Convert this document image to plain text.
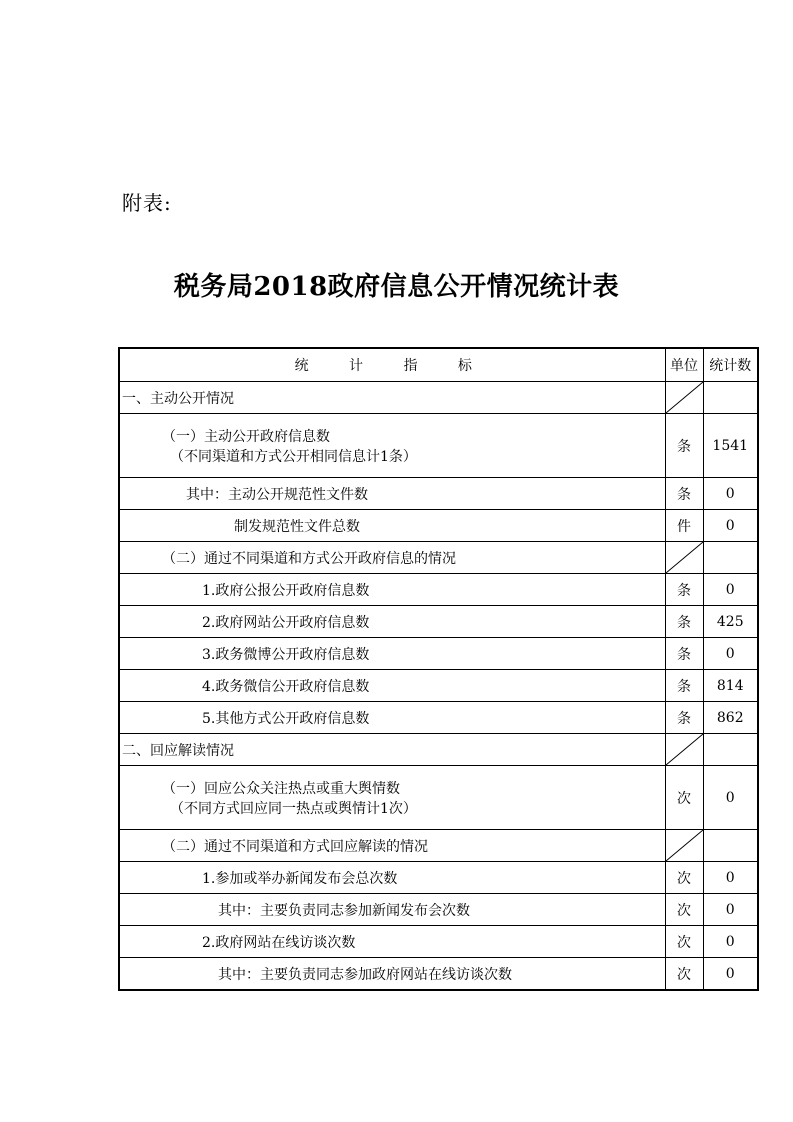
附表:
税务局2018政府信息公开情况统计表
统 计 指 标	单位	统计数
一、主动公开情况	

（一）主动公开政府信息数
（不同渠道和方式公开相同信息计1条）	条	1541
其中：主动公开规范性文件数	条	0
制发规范性文件总数	件	0
（二）通过不同渠道和方式公开政府信息的情况	

1.政府公报公开政府信息数	条	0
2.政府网站公开政府信息数	条	425
3.政务微博公开政府信息数	条	0
4.政务微信公开政府信息数	条	814
5.其他方式公开政府信息数	条	862
二、回应解读情况	

（一）回应公众关注热点或重大舆情数
（不同方式回应同一热点或舆情计1次）	次	0
（二）通过不同渠道和方式回应解读的情况	

1.参加或举办新闻发布会总次数	次	0
其中：主要负责同志参加新闻发布会次数	次	0
2.政府网站在线访谈次数	次	0
其中：主要负责同志参加政府网站在线访谈次数	次	0
